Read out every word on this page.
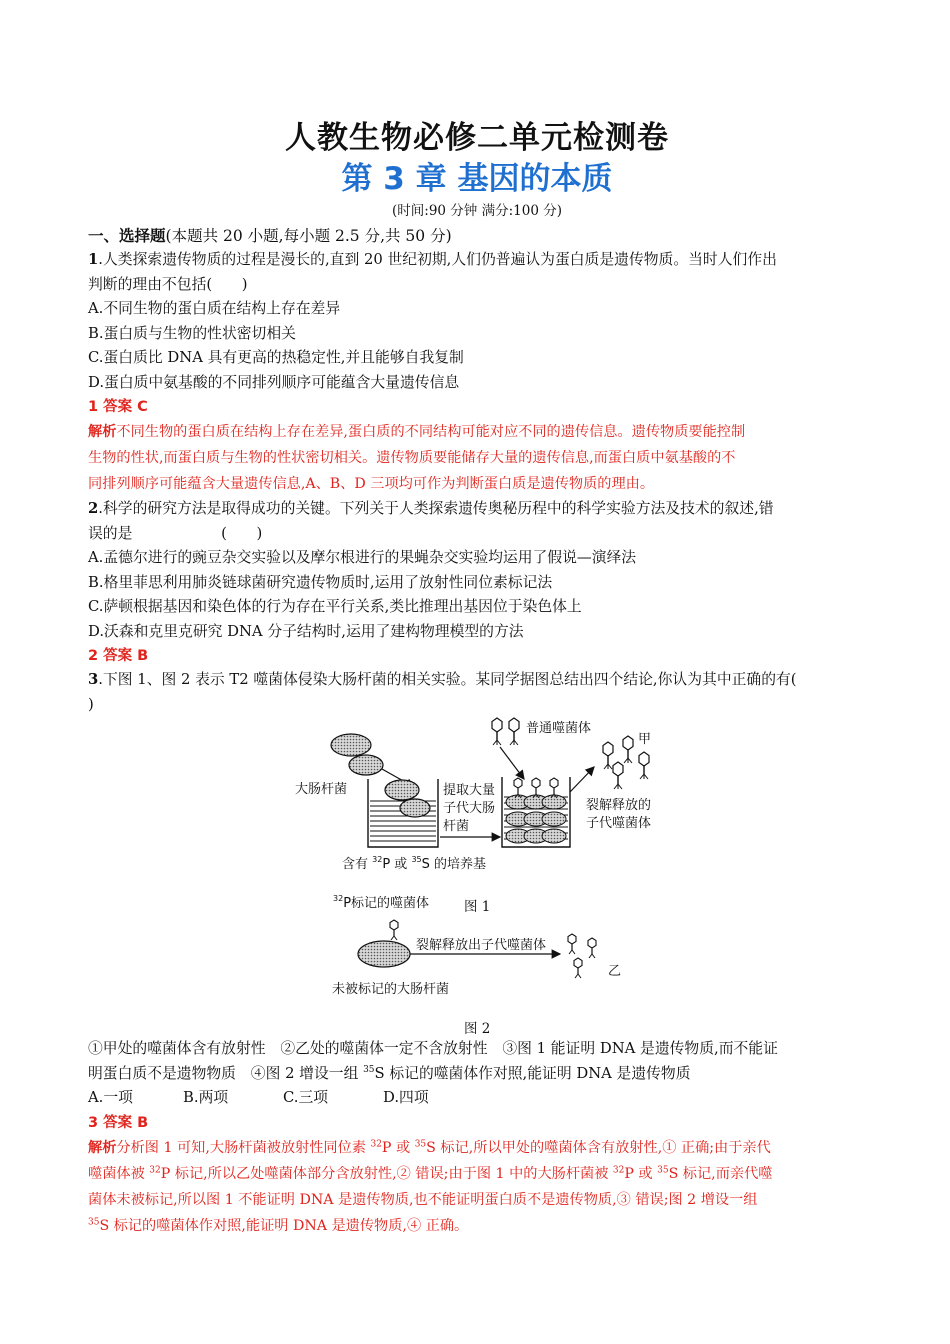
人教生物必修二单元检测卷
第 3 章 基因的本质
(时间:90 分钟 满分:100 分)
一、选择题(本题共 20 小题,每小题 2.5 分,共 50 分)

1.人类探索遗传物质的过程是漫长的,直到 20 世纪初期,人们仍普遍认为蛋白质是遗传物质。当时人们作出

判断的理由不包括(　　)

A.不同生物的蛋白质在结构上存在差异

B.蛋白质与生物的性状密切相关

C.蛋白质比 DNA 具有更高的热稳定性,并且能够自我复制

D.蛋白质中氨基酸的不同排列顺序可能蕴含大量遗传信息

1 答案 C
解析不同生物的蛋白质在结构上存在差异,蛋白质的不同结构可能对应不同的遗传信息。遗传物质要能控制
生物的性状,而蛋白质与生物的性状密切相关。遗传物质要能储存大量的遗传信息,而蛋白质中氨基酸的不
同排列顺序可能蕴含大量遗传信息,A、B、D 三项均可作为判断蛋白质是遗传物质的理由。

2.科学的研究方法是取得成功的关键。下列关于人类探索遗传奥秘历程中的科学实验方法及技术的叙述,错

误的是　　　　　　(　　)

A.孟德尔进行的豌豆杂交实验以及摩尔根进行的果蝇杂交实验均运用了假说—演绎法

B.格里菲思利用肺炎链球菌研究遗传物质时,运用了放射性同位素标记法

C.萨顿根据基因和染色体的行为存在平行关系,类比推理出基因位于染色体上

D.沃森和克里克研究 DNA 分子结构时,运用了建构物理模型的方法

2 答案 B

3.下图 1、图 2 表示 T2 噬菌体侵染大肠杆菌的相关实验。某同学据图总结出四个结论,你认为其中正确的有(

)

大肠杆菌
含有 $^{32}$P 或 $^{35}$S 的培养基
提取大量
子代大肠
杆菌
普通噬菌体
甲
裂解释放的
子代噬菌体
$^{32}$P标记的噬菌体
裂解释放出子代噬菌体
乙
未被标记的大肠杆菌
图 1
图 2

①甲处的噬菌体含有放射性　②乙处的噬菌体一定不含放射性　③图 1 能证明 DNA 是遗传物质,而不能证

明蛋白质不是遗物物质　④图 2 增设一组 $^{35}$S 标记的噬菌体作对照,能证明 DNA 是遗传物质

A.一项	B.两项	C.三项	D.四项

3 答案 B
解析分析图 1 可知,大肠杆菌被放射性同位素 $^{32}$P 或 $^{35}$S 标记,所以甲处的噬菌体含有放射性,① 正确;由于亲代
噬菌体被 $^{32}$P 标记,所以乙处噬菌体部分含放射性,② 错误;由于图 1 中的大肠杆菌被 $^{32}$P 或 $^{35}$S 标记,而亲代噬
菌体未被标记,所以图 1 不能证明 DNA 是遗传物质,也不能证明蛋白质不是遗传物质,③ 错误;图 2 增设一组
$^{35}$S 标记的噬菌体作对照,能证明 DNA 是遗传物质,④ 正确。
